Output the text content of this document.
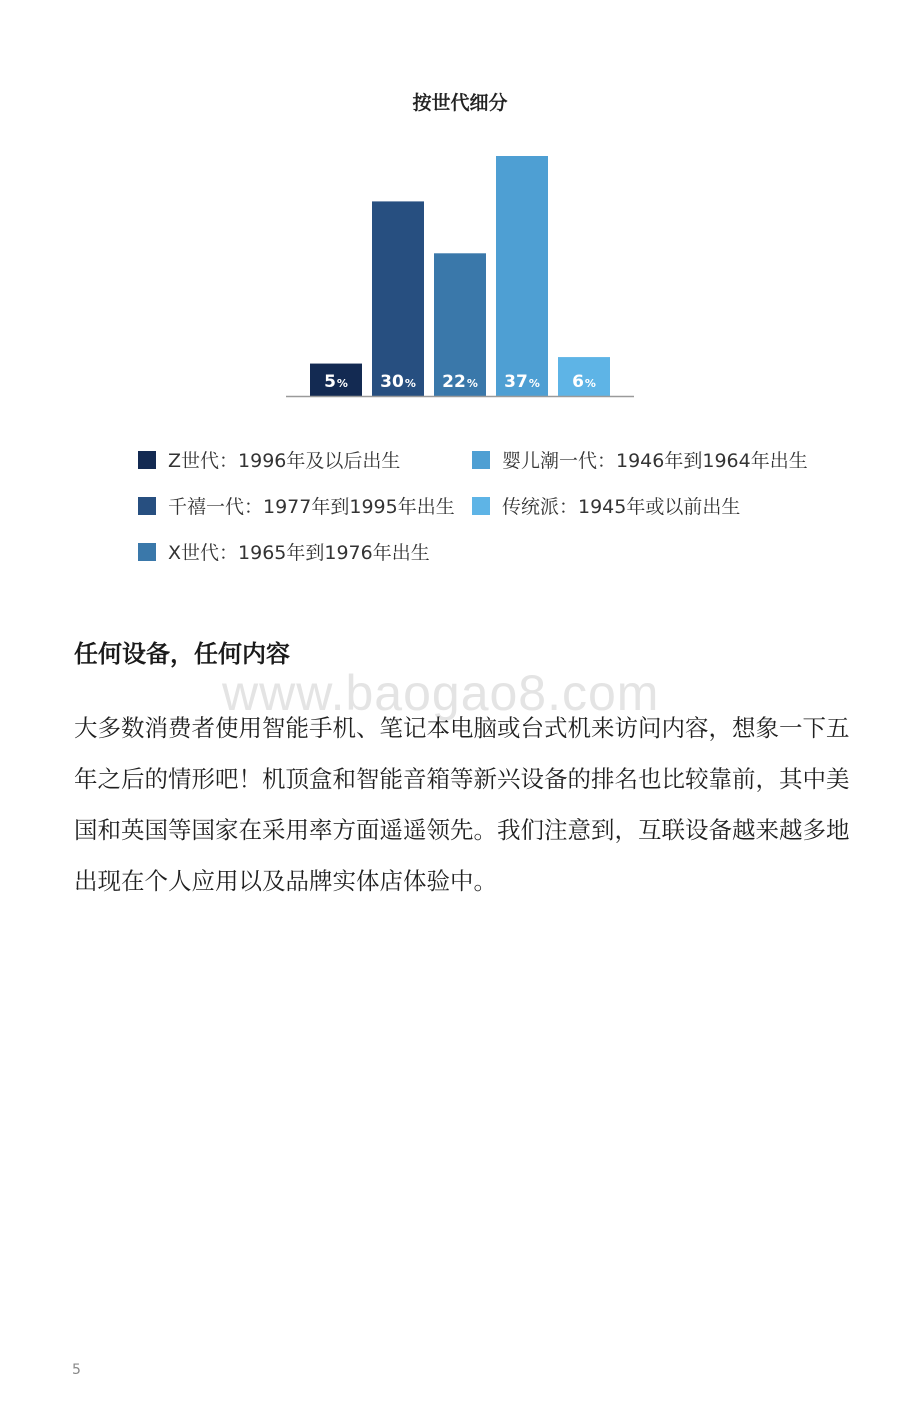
按世代细分
5% 30% 22% 37% 6%
Z世代：1996年及以后出生	婴儿潮一代：1946年到1964年出生
千禧一代：1977年到1995年出生 传统派：1945年或以前出生
X世代：1965年到1976年出生
任何设备，任何内容
www.baogao8.com
大多数消费者使用智能手机、笔记本电脑或台式机来访问内容，想象一下五年之后的情形吧！机顶盒和智能音箱等新兴设备的排名也比较靠前，其中美国和英国等国家在采用率方面遥遥领先。我们注意到，互联设备越来越多地出现在个人应用以及品牌实体店体验中。
5
